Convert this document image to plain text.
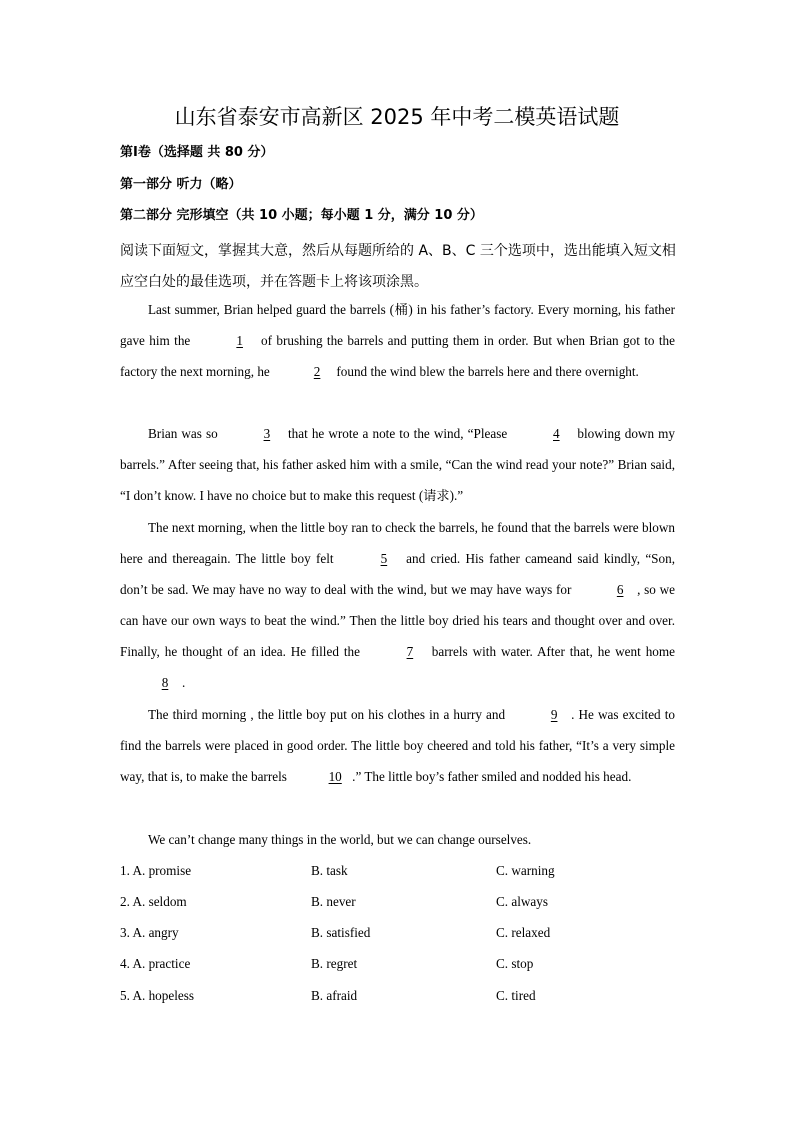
山东省泰安市高新区 2025 年中考二模英语试题
第Ⅰ卷（选择题 共 80 分）
第一部分 听力（略）
第二部分 完形填空（共 10 小题；每小题 1 分，满分 10 分）
阅读下面短文，掌握其大意，然后从每题所给的 A、B、C 三个选项中，选出能填入短文相应空白处的最佳选项，并在答题卡上将该项涂黑。
Last summer, Brian helped guard the barrels (桶) in his father’s factory. Every morning, his father gave him the	1 of brushing the barrels and putting them in order. But when Brian got to the factory the next morning, he	2 found the wind blew the barrels here and there overnight.
Brian was so	3 that he wrote a note to the wind, “Please	4 blowing down my barrels.” After seeing that, his father asked him with a smile, “Can the wind read your note?” Brian said, “I don’t know. I have no choice but to make this request (请求).”
The next morning, when the little boy ran to check the barrels, he found that the barrels were blown here and thereagain. The little boy felt	5 and cried. His father cameand said kindly, “Son, don’t be sad. We may have no way to deal with the wind, but we may have ways for	6 , so we can have our own ways to beat the wind.” Then the little boy dried his tears and thought over and over. Finally, he thought of an idea. He filled the	7 barrels with water. After that, he went home 8 .
The third morning , the little boy put on his clothes in a hurry and	9 . He was excited to find the barrels were placed in good order. The little boy cheered and told his father, “It’s a very simple way, that is, to make the barrels	10 .” The little boy’s father smiled and nodded his head.
We can’t change many things in the world, but we can change ourselves.
1. A. promise	B. task	C. warning
2. A. seldom	B. never	C. always
3. A. angry	B. satisfied	C. relaxed
4. A. practice	B. regret	C. stop
5. A. hopeless	B. afraid	C. tired
